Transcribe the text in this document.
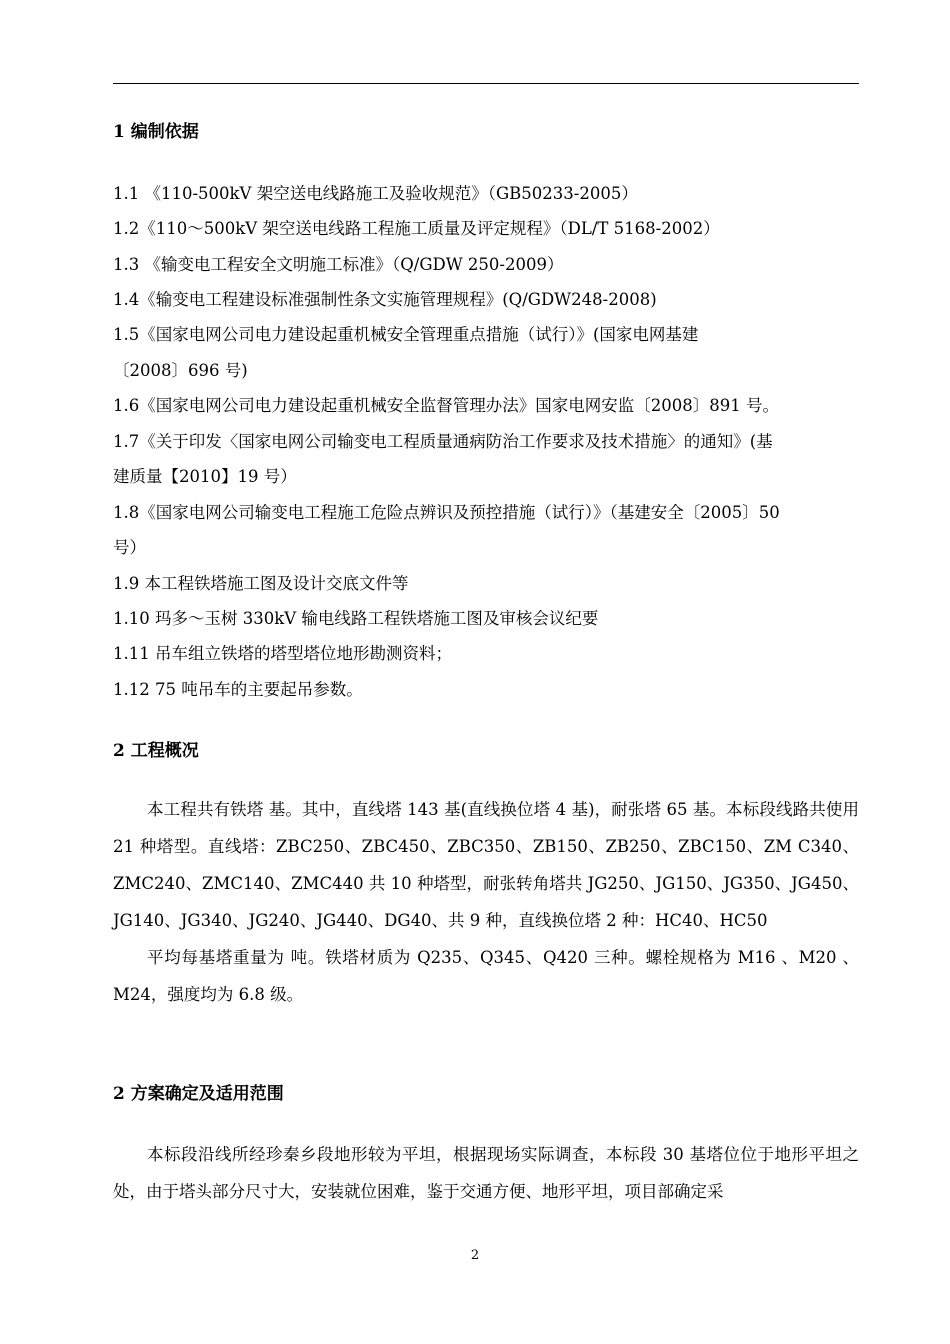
1 编制依据
1.1 《110-500kV 架空送电线路施工及验收规范》（GB50233-2005）
1.2《110～500kV 架空送电线路工程施工质量及评定规程》（DL/T 5168-2002）
1.3 《输变电工程安全文明施工标准》（Q/GDW 250-2009）
1.4《输变电工程建设标准强制性条文实施管理规程》(Q/GDW248-2008)
1.5《国家电网公司电力建设起重机械安全管理重点措施（试行）》(国家电网基建
〔2008〕696 号)
1.6《国家电网公司电力建设起重机械安全监督管理办法》国家电网安监〔2008〕891 号。
1.7《关于印发〈国家电网公司输变电工程质量通病防治工作要求及技术措施〉的通知》(基
建质量【2010】19 号）
1.8《国家电网公司输变电工程施工危险点辨识及预控措施（试行）》（基建安全〔2005〕50
号）
1.9 本工程铁塔施工图及设计交底文件等
1.10 玛多～玉树 330kV 输电线路工程铁塔施工图及审核会议纪要
1.11 吊车组立铁塔的塔型塔位地形勘测资料；
1.12 75 吨吊车的主要起吊参数。
2 工程概况

本工程共有铁塔 基。其中，直线塔 143 基(直线换位塔 4 基)，耐张塔 65 基。本标段线路共使用 21 种塔型。直线塔：ZBC250、ZBC450、ZBC350、ZB150、ZB250、ZBC150、ZM C340、ZMC240、ZMC140、ZMC440 共 10 种塔型，耐张转角塔共 JG250、JG150、JG350、JG450、JG140、JG340、JG240、JG440、DG40、共 9 种，直线换位塔 2 种：HC40、HC50

平均每基塔重量为 吨。铁塔材质为 Q235、Q345、Q420 三种。螺栓规格为 M16 、M20 、M24，强度均为 6.8 级。

2 方案确定及适用范围

本标段沿线所经珍秦乡段地形较为平坦，根据现场实际调查，本标段 30 基塔位位于地形平坦之处，由于塔头部分尺寸大，安装就位困难，鉴于交通方便、地形平坦，项目部确定采

2
